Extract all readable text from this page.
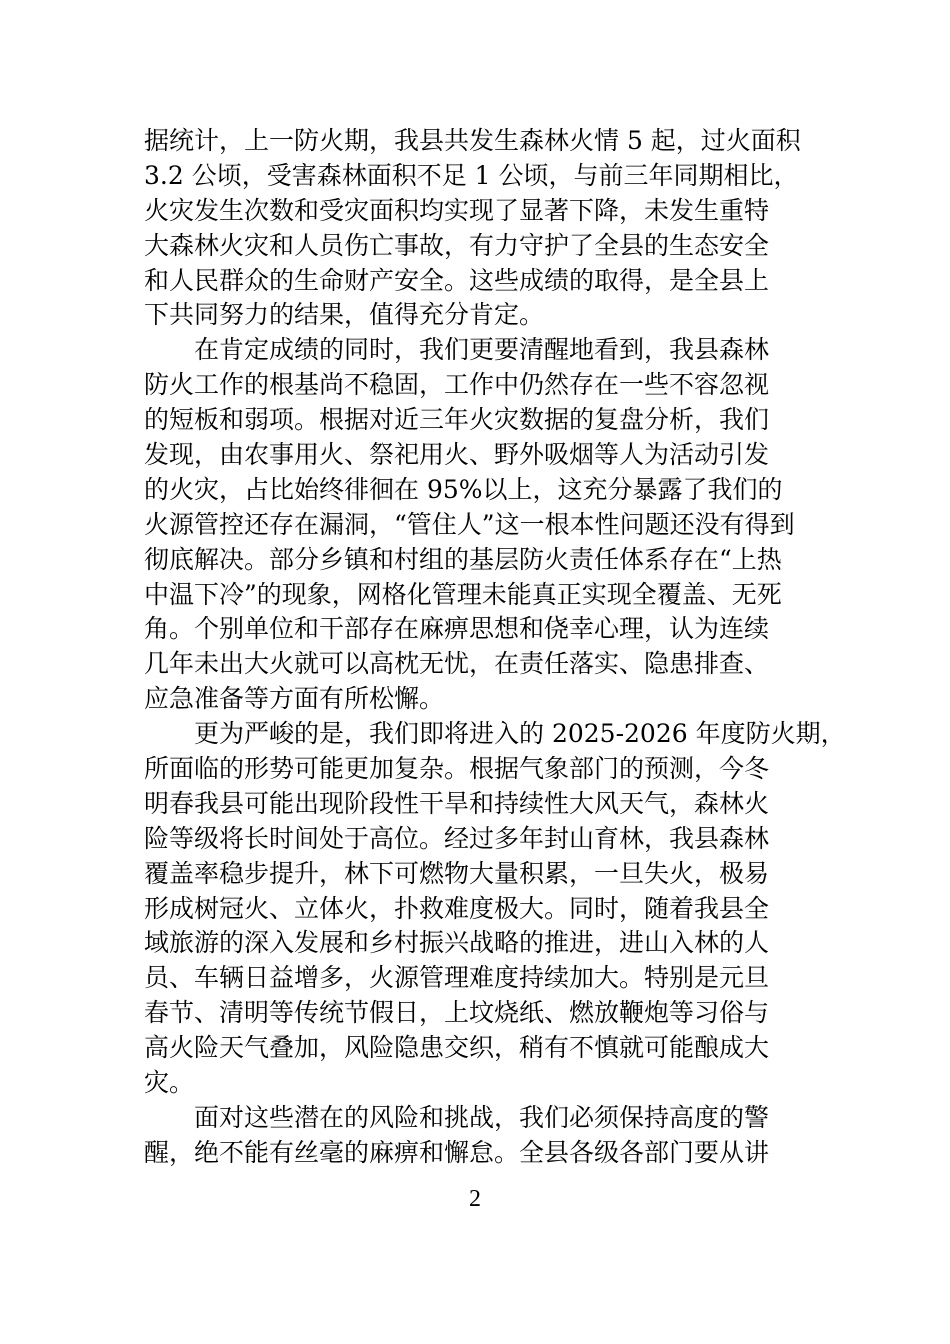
据统计，上一防火期，我县共发生森林火情 5 起，过火面积
3.2 公顷，受害森林面积不足 1 公顷，与前三年同期相比，
火灾发生次数和受灾面积均实现了显著下降，未发生重特
大森林火灾和人员伤亡事故，有力守护了全县的生态安全
和人民群众的生命财产安全。这些成绩的取得，是全县上
下共同努力的结果，值得充分肯定。
在肯定成绩的同时，我们更要清醒地看到，我县森林
防火工作的根基尚不稳固，工作中仍然存在一些不容忽视
的短板和弱项。根据对近三年火灾数据的复盘分析，我们
发现，由农事用火、祭祀用火、野外吸烟等人为活动引发
的火灾，占比始终徘徊在 95%以上，这充分暴露了我们的
火源管控还存在漏洞，“管住人”这一根本性问题还没有得到
彻底解决。部分乡镇和村组的基层防火责任体系存在“上热
中温下冷”的现象，网格化管理未能真正实现全覆盖、无死
角。个别单位和干部存在麻痹思想和侥幸心理，认为连续
几年未出大火就可以高枕无忧，在责任落实、隐患排查、
应急准备等方面有所松懈。
更为严峻的是，我们即将进入的 2025-2026 年度防火期，
所面临的形势可能更加复杂。根据气象部门的预测，今冬
明春我县可能出现阶段性干旱和持续性大风天气，森林火
险等级将长时间处于高位。经过多年封山育林，我县森林
覆盖率稳步提升，林下可燃物大量积累，一旦失火，极易
形成树冠火、立体火，扑救难度极大。同时，随着我县全
域旅游的深入发展和乡村振兴战略的推进，进山入林的人
员、车辆日益增多，火源管理难度持续加大。特别是元旦
春节、清明等传统节假日，上坟烧纸、燃放鞭炮等习俗与
高火险天气叠加，风险隐患交织，稍有不慎就可能酿成大
灾。
面对这些潜在的风险和挑战，我们必须保持高度的警
醒，绝不能有丝毫的麻痹和懈怠。全县各级各部门要从讲
2
